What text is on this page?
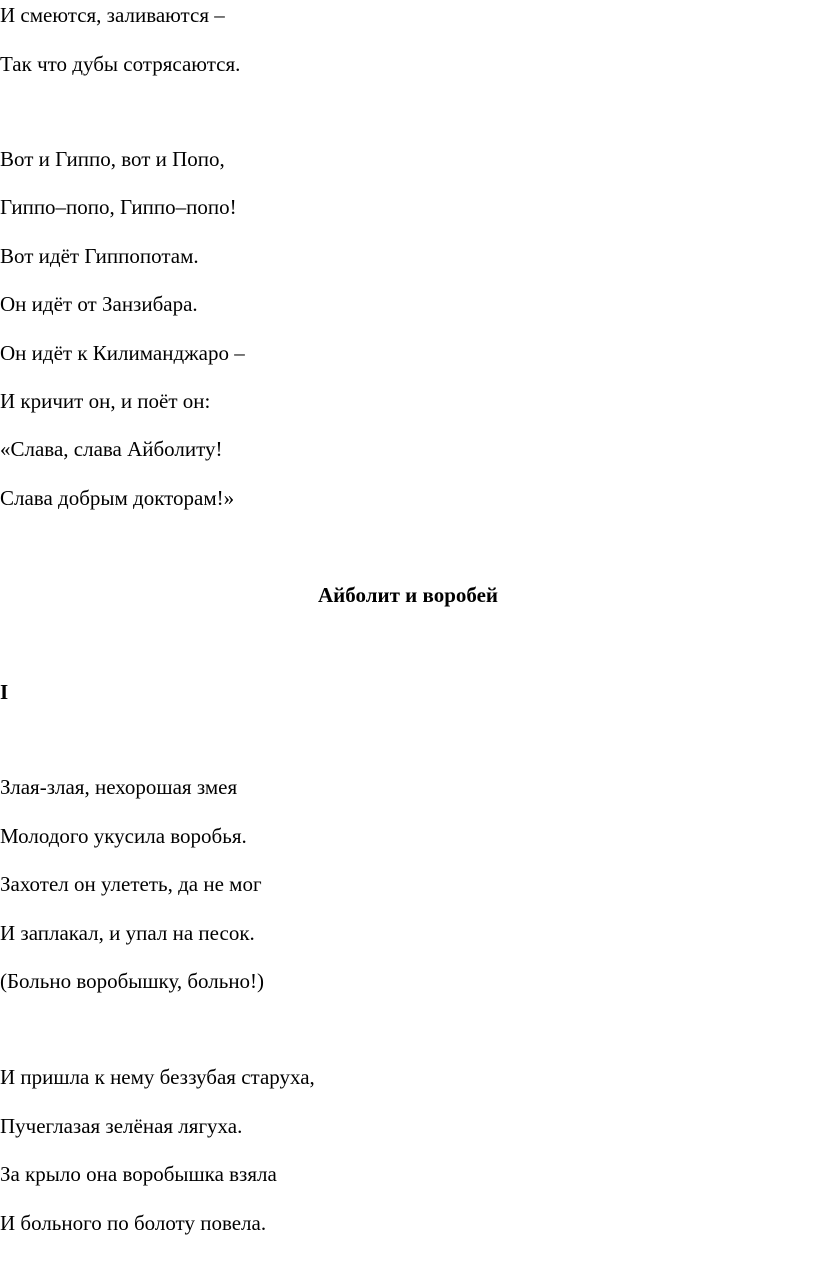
И смеются, заливаются –
Так что дубы сотрясаются.
Вот и Гиппо, вот и Попо,
Гиппо–попо, Гиппо–попо!
Вот идёт Гиппопотам.
Он идёт от Занзибара.
Он идёт к Килиманджаро –
И кричит он, и поёт он:
«Слава, слава Айболиту!
Слава добрым докторам!»
Айболит и воробей
I
Злая-злая, нехорошая змея
Молодого укусила воробья.
Захотел он улететь, да не мог
И заплакал, и упал на песок.
(Больно воробышку, больно!)
И пришла к нему беззубая старуха,
Пучеглазая зелёная лягуха.
За крыло она воробышка взяла
И больного по болоту повела.
